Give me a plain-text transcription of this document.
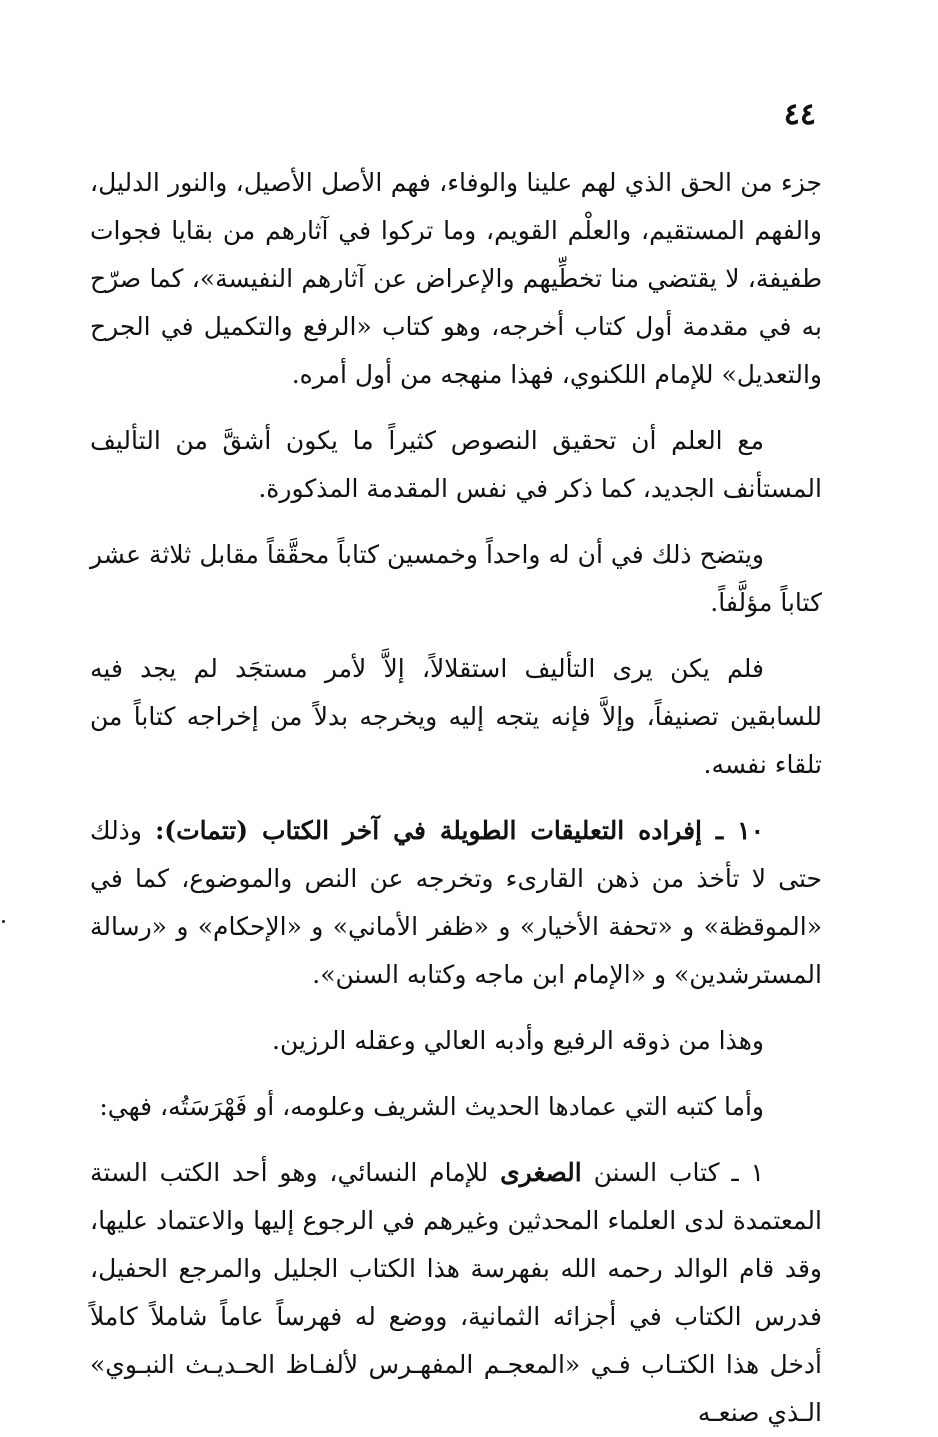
٤٤

جزء من الحق الذي لهم علينا والوفاء، فهم الأصل الأصيل، والنور الدليل، والفهم المستقيم، والعلْم القويم، وما تركوا في آثارهم من بقايا فجوات طفيفة، لا يقتضي منا تخطِّيهم والإعراض عن آثارهم النفيسة»، كما صرّح به في مقدمة أول كتاب أخرجه، وهو كتاب «الرفع والتكميل في الجرح والتعديل» للإمام اللكنوي، فهذا منهجه من أول أمره.

مع العلم أن تحقيق النصوص كثيراً ما يكون أشقَّ من التأليف المستأنف الجديد، كما ذكر في نفس المقدمة المذكورة.

ويتضح ذلك في أن له واحداً وخمسين كتاباً محقَّقاً مقابل ثلاثة عشر كتاباً مؤلَّفاً.

فلم يكن يرى التأليف استقلالاً، إلاَّ لأمر مستجَد لم يجد فيه للسابقين تصنيفاً، وإلاَّ فإنه يتجه إليه ويخرجه بدلاً من إخراجه كتاباً من تلقاء نفسه.

١٠ ـ إفراده التعليقات الطويلة في آخر الكتاب (تتمات): وذلك حتى لا تأخذ من ذهن القارىء وتخرجه عن النص والموضوع، كما في «الموقظة» و «تحفة الأخيار» و «ظفر الأماني» و «الإحكام» و «رسالة المسترشدين» و «الإمام ابن ماجه وكتابه السنن».

وهذا من ذوقه الرفيع وأدبه العالي وعقله الرزين.

وأما كتبه التي عمادها الحديث الشريف وعلومه، أو فَهْرَسَتُه، فهي:

١ ـ كتاب السنن الصغرى للإمام النسائي، وهو أحد الكتب الستة المعتمدة لدى العلماء المحدثين وغيرهم في الرجوع إليها والاعتماد عليها، وقد قام الوالد رحمه الله بفهرسة هذا الكتاب الجليل والمرجع الحفيل، فدرس الكتاب في أجزائه الثمانية، ووضع له فهرساً عاماً شاملاً كاملاً أدخل هذا الكتـاب فـي «المعجـم المفهـرس لألفـاظ الحـديـث النبـوي» الـذي صنعـه
